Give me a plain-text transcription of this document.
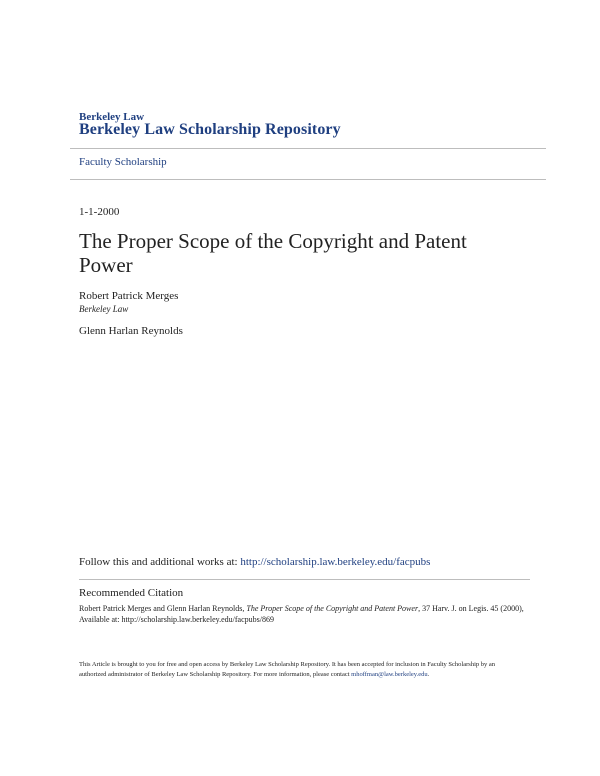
Berkeley Law
Berkeley Law Scholarship Repository
Faculty Scholarship
1-1-2000
The Proper Scope of the Copyright and Patent Power
Robert Patrick Merges
Berkeley Law
Glenn Harlan Reynolds
Follow this and additional works at: http://scholarship.law.berkeley.edu/facpubs
Recommended Citation
Robert Patrick Merges and Glenn Harlan Reynolds, The Proper Scope of the Copyright and Patent Power, 37 Harv. J. on Legis. 45 (2000),
Available at: http://scholarship.law.berkeley.edu/facpubs/869
This Article is brought to you for free and open access by Berkeley Law Scholarship Repository. It has been accepted for inclusion in Faculty Scholarship by an authorized administrator of Berkeley Law Scholarship Repository. For more information, please contact mhoffman@law.berkeley.edu.
